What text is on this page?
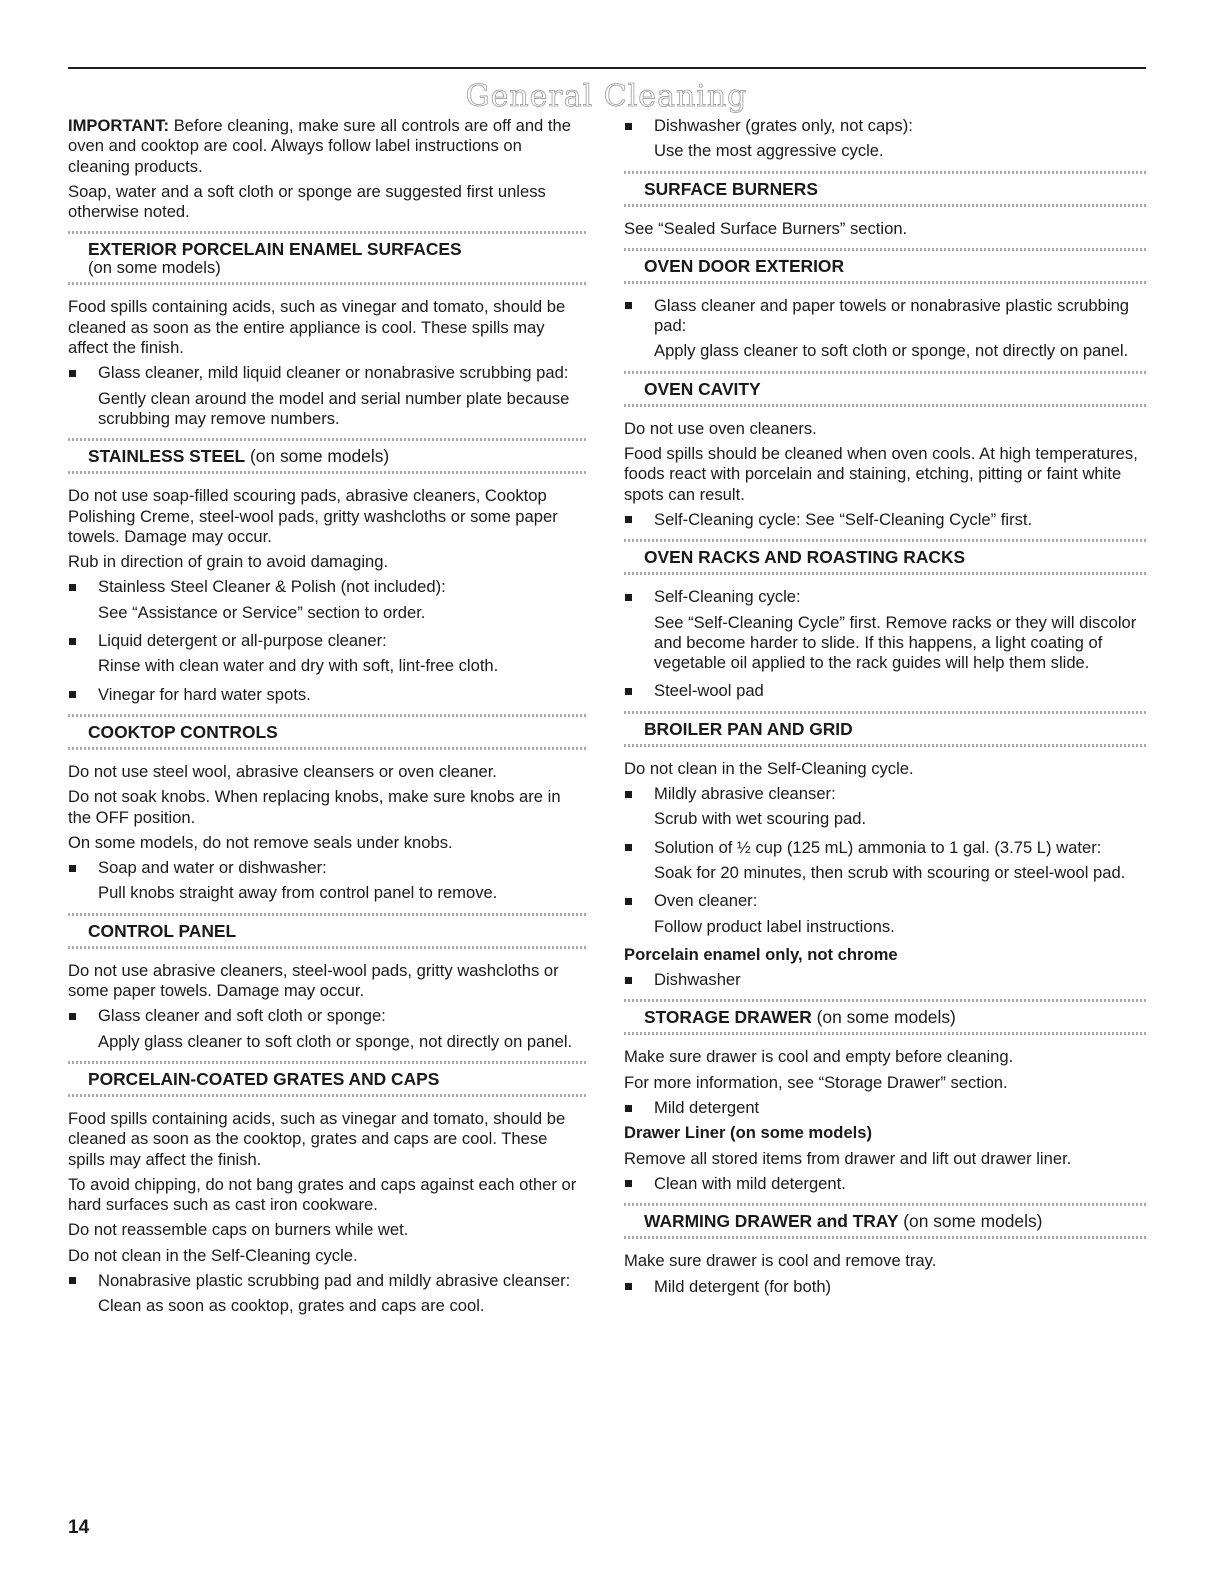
General Cleaning

IMPORTANT: Before cleaning, make sure all controls are off and the oven and cooktop are cool. Always follow label instructions on cleaning products.

Soap, water and a soft cloth or sponge are suggested first unless otherwise noted.

EXTERIOR PORCELAIN ENAMEL SURFACES
(on some models)

Food spills containing acids, such as vinegar and tomato, should be cleaned as soon as the entire appliance is cool. These spills may affect the finish.

Glass cleaner, mild liquid cleaner or nonabrasive scrubbing pad:

Gently clean around the model and serial number plate because scrubbing may remove numbers.

STAINLESS STEEL (on some models)

Do not use soap-filled scouring pads, abrasive cleaners, Cooktop Polishing Creme, steel-wool pads, gritty washcloths or some paper towels. Damage may occur.

Rub in direction of grain to avoid damaging.

Stainless Steel Cleaner & Polish (not included):

See “Assistance or Service” section to order.

Liquid detergent or all-purpose cleaner:

Rinse with clean water and dry with soft, lint-free cloth.

Vinegar for hard water spots.

COOKTOP CONTROLS

Do not use steel wool, abrasive cleansers or oven cleaner.

Do not soak knobs. When replacing knobs, make sure knobs are in the OFF position.

On some models, do not remove seals under knobs.

Soap and water or dishwasher:

Pull knobs straight away from control panel to remove.

CONTROL PANEL

Do not use abrasive cleaners, steel-wool pads, gritty washcloths or some paper towels. Damage may occur.

Glass cleaner and soft cloth or sponge:

Apply glass cleaner to soft cloth or sponge, not directly on panel.

PORCELAIN-COATED GRATES AND CAPS

Food spills containing acids, such as vinegar and tomato, should be cleaned as soon as the cooktop, grates and caps are cool. These spills may affect the finish.

To avoid chipping, do not bang grates and caps against each other or hard surfaces such as cast iron cookware.

Do not reassemble caps on burners while wet.

Do not clean in the Self-Cleaning cycle.

Nonabrasive plastic scrubbing pad and mildly abrasive cleanser:

Clean as soon as cooktop, grates and caps are cool.

Dishwasher (grates only, not caps):

Use the most aggressive cycle.

SURFACE BURNERS

See “Sealed Surface Burners” section.

OVEN DOOR EXTERIOR

Glass cleaner and paper towels or nonabrasive plastic scrubbing pad:

Apply glass cleaner to soft cloth or sponge, not directly on panel.

OVEN CAVITY

Do not use oven cleaners.

Food spills should be cleaned when oven cools. At high temperatures, foods react with porcelain and staining, etching, pitting or faint white spots can result.

Self-Cleaning cycle: See “Self-Cleaning Cycle” first.

OVEN RACKS AND ROASTING RACKS

Self-Cleaning cycle:

See “Self-Cleaning Cycle” first. Remove racks or they will discolor and become harder to slide. If this happens, a light coating of vegetable oil applied to the rack guides will help them slide.

Steel-wool pad

BROILER PAN AND GRID

Do not clean in the Self-Cleaning cycle.

Mildly abrasive cleanser:

Scrub with wet scouring pad.

Solution of ½ cup (125 mL) ammonia to 1 gal. (3.75 L) water:

Soak for 20 minutes, then scrub with scouring or steel-wool pad.

Oven cleaner:

Follow product label instructions.

Porcelain enamel only, not chrome

Dishwasher

STORAGE DRAWER (on some models)

Make sure drawer is cool and empty before cleaning.

For more information, see “Storage Drawer” section.

Mild detergent

Drawer Liner (on some models)

Remove all stored items from drawer and lift out drawer liner.

Clean with mild detergent.

WARMING DRAWER and TRAY (on some models)

Make sure drawer is cool and remove tray.

Mild detergent (for both)

14
